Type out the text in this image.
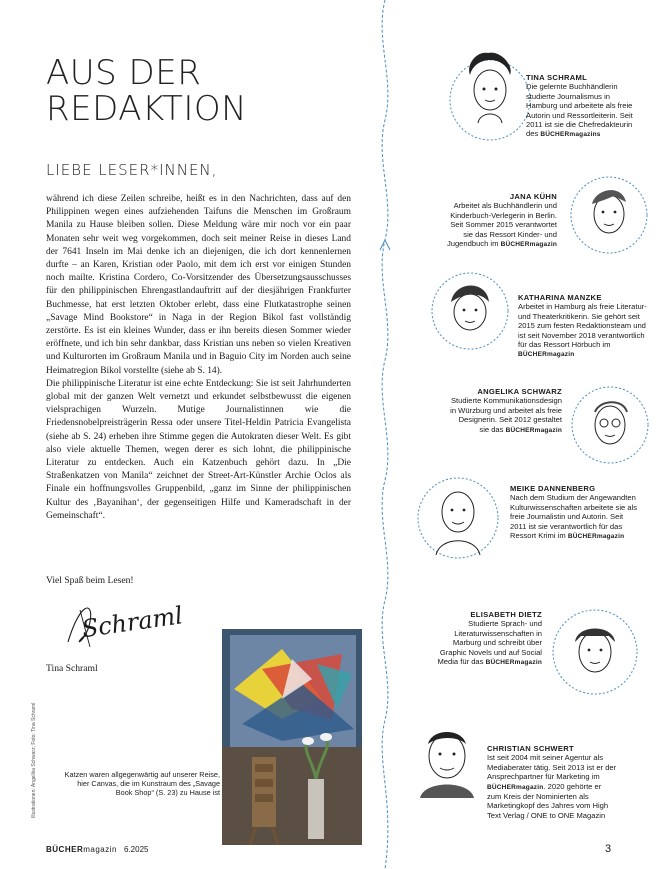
AUS DER
REDAKTION
LIEBE LESER*INNEN,

während ich diese Zeilen schreibe, heißt es in den Nachrichten, dass auf den Philippinen wegen eines aufziehenden Taifuns die Menschen im Großraum Manila zu Hause bleiben sollen. Diese Meldung wäre mir noch vor ein paar Monaten sehr weit weg vorgekommen, doch seit meiner Reise in dieses Land der 7641 Inseln im Mai denke ich an diejenigen, die ich dort kennenlernen durfte – an Karen, Kristian oder Paolo, mit dem ich erst vor einigen Stunden noch mailte. Kristina Cordero, Co-Vorsitzender des Übersetzungsausschusses für den philippinischen Ehrengastlandauftritt auf der diesjährigen Frankfurter Buchmesse, hat erst letzten Oktober erlebt, dass eine Flutkatastrophe seinen „Savage Mind Bookstore“ in Naga in der Region Bikol fast vollständig zerstörte. Es ist ein kleines Wunder, dass er ihn bereits diesen Sommer wieder eröffnete, und ich bin sehr dankbar, dass Kristian uns neben so vielen Kreativen und Kulturorten im Großraum Manila und in Baguio City im Norden auch seine Heimatregion Bikol vorstellte (siehe ab S. 14).

Die philippinische Literatur ist eine echte Entdeckung: Sie ist seit Jahrhunderten global mit der ganzen Welt vernetzt und erkundet selbstbewusst die eigenen vielsprachigen Wurzeln. Mutige Journalistinnen wie die Friedensnobelpreisträgerin Ressa oder unsere Titel-Heldin Patricia Evangelista (siehe ab S. 24) erheben ihre Stimme gegen die Autokraten dieser Welt. Es gibt also viele aktuelle Themen, wegen derer es sich lohnt, die philippinische Literatur zu entdecken. Auch ein Katzenbuch gehört dazu. In „Die Straßenkatzen von Manila“ zeichnet der Street-Art-Künstler Archie Oclos als Finale ein hoffnungsvolles Gruppenbild, „ganz im Sinne der philippinischen Kultur des ‚Bayanihan‘, der gegenseitigen Hilfe und Kameradschaft in der Gemeinschaft“.

Viel Spaß beim Lesen!
Schraml
Tina Schraml
Illustrationen: Angelika Schwarz; Foto: Tina Schraml	Katzen waren allgegenwärtig auf unserer Reise, hier Canvas, die im Kunstraum des „Savage Book Shop“ (S. 23) zu Hause ist
BÜCHERmagazin 6.2025	3
TINA SCHRAML
Die gelernte Buchhändlerin studierte Journalismus in Hamburg und arbeitete als freie Autorin und Ressortleiterin. Seit 2011 ist sie die Chefredakteurin des BÜCHERmagazins
JANA KÜHN
Arbeitet als Buchhändlerin und Kinderbuch-Verlegerin in Berlin. Seit Sommer 2015 verantwortet sie das Ressort Kinder- und Jugendbuch im BÜCHERmagazin
KATHARINA MANZKE
Arbeitet in Hamburg als freie Literatur- und Theaterkritikerin. Sie gehört seit 2015 zum festen Redaktionsteam und ist seit November 2018 verantwortlich für das Ressort Hörbuch im BÜCHERmagazin
ANGELIKA SCHWARZ
Studierte Kommunikationsdesign in Würzburg und arbeitet als freie Designerin. Seit 2012 gestaltet sie das BÜCHERmagazin
MEIKE DANNENBERG
Nach dem Studium der Angewandten Kulturwissenschaften arbeitete sie als freie Journalistin und Autorin. Seit 2011 ist sie verantwortlich für das Ressort Krimi im BÜCHERmagazin
ELISABETH DIETZ
Studierte Sprach- und Literaturwissenschaften in Marburg und schreibt über Graphic Novels und auf Social Media für das BÜCHERmagazin
CHRISTIAN SCHWERT
Ist seit 2004 mit seiner Agentur als Mediaberater tätig. Seit 2013 ist er der Ansprechpartner für Marketing im BÜCHERmagazin. 2020 gehörte er zum Kreis der Nominierten als Marketingkopf des Jahres vom High Text Verlag / ONE to ONE Magazin
